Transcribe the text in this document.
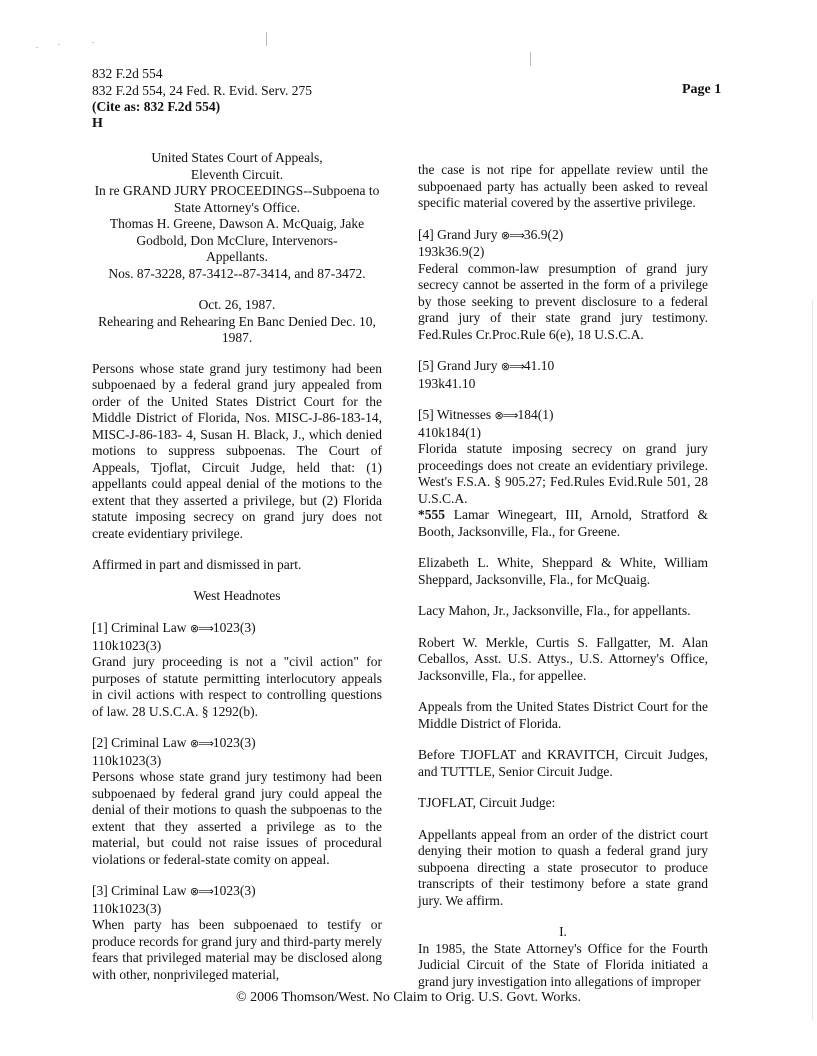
832 F.2d 554
832 F.2d 554, 24 Fed. R. Evid. Serv. 275
(Cite as: 832 F.2d 554)
H
Page 1
United States Court of Appeals,
Eleventh Circuit.
In re GRAND JURY PROCEEDINGS--Subpoena to
State Attorney's Office.
Thomas H. Greene, Dawson A. McQuaig, Jake
Godbold, Don McClure, Intervenors-
Appellants.
Nos. 87-3228, 87-3412--87-3414, and 87-3472.
Oct. 26, 1987.
Rehearing and Rehearing En Banc Denied Dec. 10,
1987.

Persons whose state grand jury testimony had been subpoenaed by a federal grand jury appealed from order of the United States District Court for the Middle District of Florida, Nos. MISC-J-86-183-14, MISC-J-86-183- 4, Susan H. Black, J., which denied motions to suppress subpoenas. The Court of Appeals, Tjoflat, Circuit Judge, held that: (1) appellants could appeal denial of the motions to the extent that they asserted a privilege, but (2) Florida statute imposing secrecy on grand jury does not create evidentiary privilege.

Affirmed in part and dismissed in part.

West Headnotes

[1] Criminal Law ⊗⟹1023(3)
110k1023(3)

Grand jury proceeding is not a "civil action" for purposes of statute permitting interlocutory appeals in civil actions with respect to controlling questions of law. 28 U.S.C.A. § 1292(b).

[2] Criminal Law ⊗⟹1023(3)
110k1023(3)

Persons whose state grand jury testimony had been subpoenaed by federal grand jury could appeal the denial of their motions to quash the subpoenas to the extent that they asserted a privilege as to the material, but could not raise issues of procedural violations or federal-state comity on appeal.

[3] Criminal Law ⊗⟹1023(3)
110k1023(3)

When party has been subpoenaed to testify or produce records for grand jury and third-party merely fears that privileged material may be disclosed along with other, nonprivileged material,

the case is not ripe for appellate review until the subpoenaed party has actually been asked to reveal specific material covered by the assertive privilege.

[4] Grand Jury ⊗⟹36.9(2)
193k36.9(2)

Federal common-law presumption of grand jury secrecy cannot be asserted in the form of a privilege by those seeking to prevent disclosure to a federal grand jury of their state grand jury testimony. Fed.Rules Cr.Proc.Rule 6(e), 18 U.S.C.A.

[5] Grand Jury ⊗⟹41.10
193k41.10
[5] Witnesses ⊗⟹184(1)
410k184(1)

Florida statute imposing secrecy on grand jury proceedings does not create an evidentiary privilege. West's F.S.A. § 905.27; Fed.Rules Evid.Rule 501, 28 U.S.C.A.

*555 Lamar Winegeart, III, Arnold, Stratford & Booth, Jacksonville, Fla., for Greene.

Elizabeth L. White, Sheppard & White, William Sheppard, Jacksonville, Fla., for McQuaig.

Lacy Mahon, Jr., Jacksonville, Fla., for appellants.

Robert W. Merkle, Curtis S. Fallgatter, M. Alan Ceballos, Asst. U.S. Attys., U.S. Attorney's Office, Jacksonville, Fla., for appellee.

Appeals from the United States District Court for the Middle District of Florida.

Before TJOFLAT and KRAVITCH, Circuit Judges, and TUTTLE, Senior Circuit Judge.

TJOFLAT, Circuit Judge:

Appellants appeal from an order of the district court denying their motion to quash a federal grand jury subpoena directing a state prosecutor to produce transcripts of their testimony before a state grand jury. We affirm.

I.

In 1985, the State Attorney's Office for the Fourth Judicial Circuit of the State of Florida initiated a grand jury investigation into allegations of improper

© 2006 Thomson/West. No Claim to Orig. U.S. Govt. Works.
